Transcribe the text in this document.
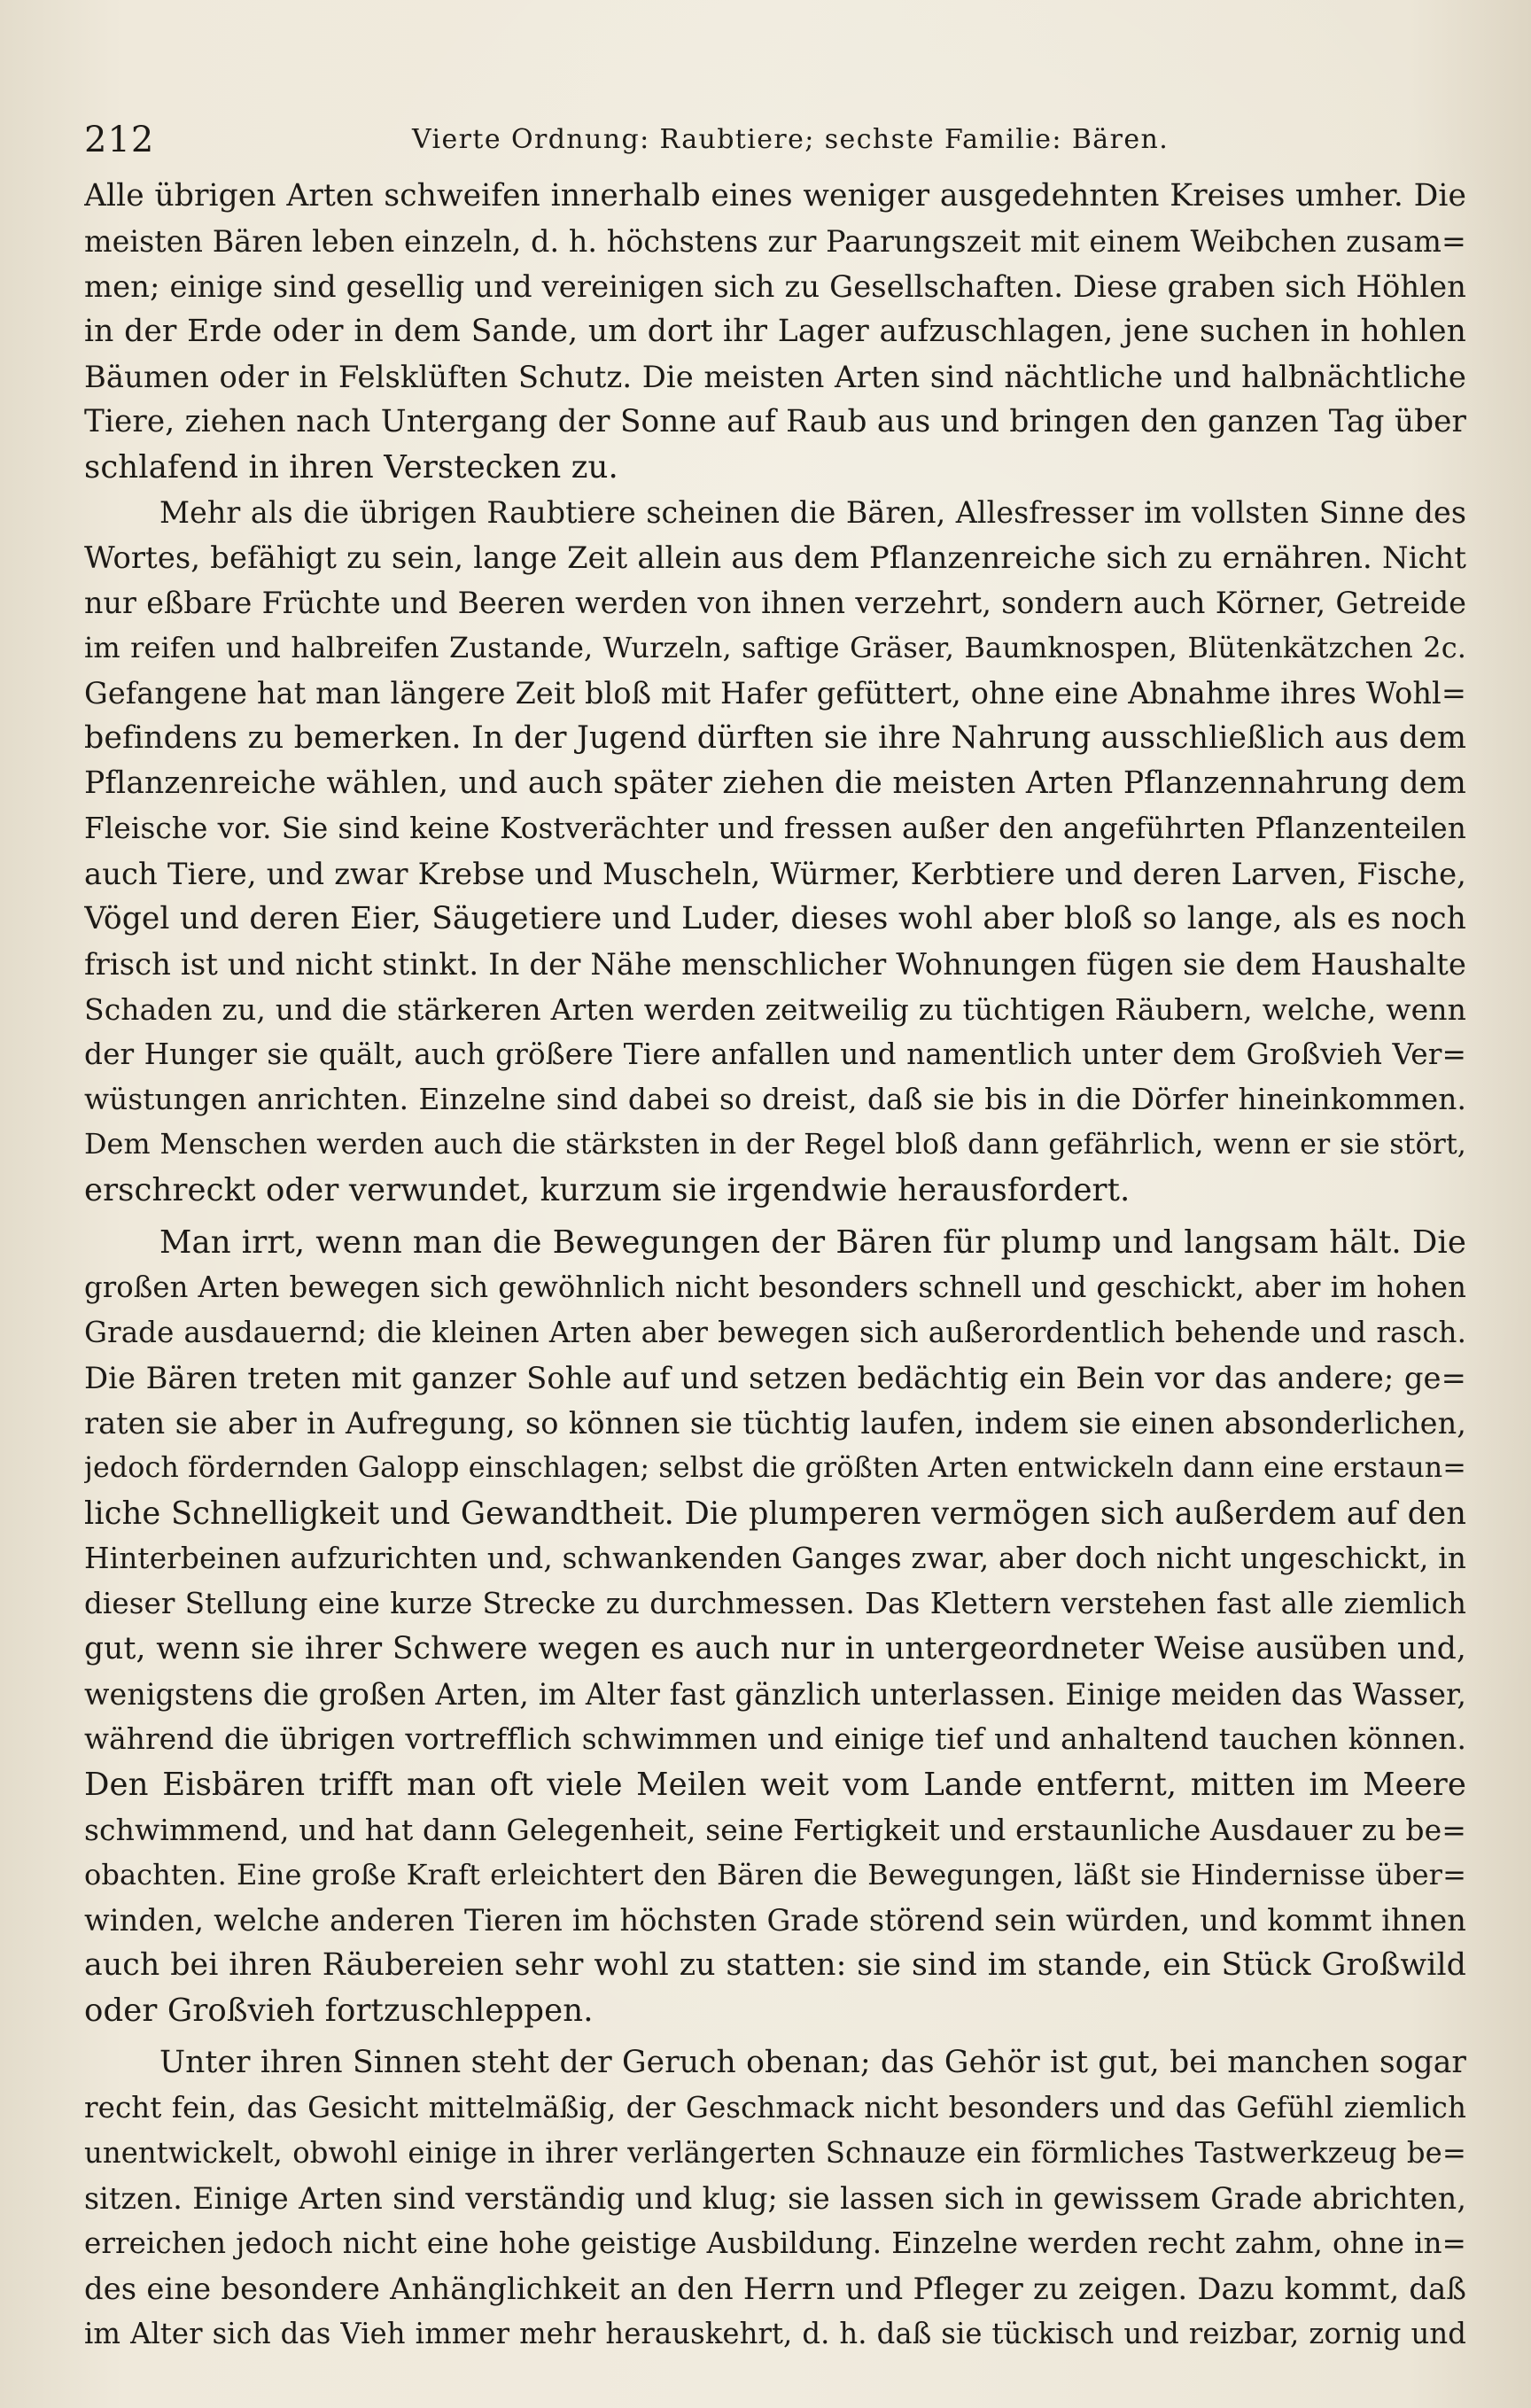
212	Vierte Ordnung: Raubtiere; sechste Familie: Bären.
Alle übrigen Arten schweifen innerhalb eines weniger ausgedehnten Kreises umher. Die
meisten Bären leben einzeln, d. h. höchstens zur Paarungszeit mit einem Weibchen zusam=
men; einige sind gesellig und vereinigen sich zu Gesellschaften. Diese graben sich Höhlen
in der Erde oder in dem Sande, um dort ihr Lager aufzuschlagen, jene suchen in hohlen
Bäumen oder in Felsklüften Schutz. Die meisten Arten sind nächtliche und halbnächtliche
Tiere, ziehen nach Untergang der Sonne auf Raub aus und bringen den ganzen Tag über
schlafend in ihren Verstecken zu.
Mehr als die übrigen Raubtiere scheinen die Bären, Allesfresser im vollsten Sinne des
Wortes, befähigt zu sein, lange Zeit allein aus dem Pflanzenreiche sich zu ernähren. Nicht
nur eßbare Früchte und Beeren werden von ihnen verzehrt, sondern auch Körner, Getreide
im reifen und halbreifen Zustande, Wurzeln, saftige Gräser, Baumknospen, Blütenkätzchen 2c.
Gefangene hat man längere Zeit bloß mit Hafer gefüttert, ohne eine Abnahme ihres Wohl=
befindens zu bemerken. In der Jugend dürften sie ihre Nahrung ausschließlich aus dem
Pflanzenreiche wählen, und auch später ziehen die meisten Arten Pflanzennahrung dem
Fleische vor. Sie sind keine Kostverächter und fressen außer den angeführten Pflanzenteilen
auch Tiere, und zwar Krebse und Muscheln, Würmer, Kerbtiere und deren Larven, Fische,
Vögel und deren Eier, Säugetiere und Luder, dieses wohl aber bloß so lange, als es noch
frisch ist und nicht stinkt. In der Nähe menschlicher Wohnungen fügen sie dem Haushalte
Schaden zu, und die stärkeren Arten werden zeitweilig zu tüchtigen Räubern, welche, wenn
der Hunger sie quält, auch größere Tiere anfallen und namentlich unter dem Großvieh Ver=
wüstungen anrichten. Einzelne sind dabei so dreist, daß sie bis in die Dörfer hineinkommen.
Dem Menschen werden auch die stärksten in der Regel bloß dann gefährlich, wenn er sie stört,
erschreckt oder verwundet, kurzum sie irgendwie herausfordert.
Man irrt, wenn man die Bewegungen der Bären für plump und langsam hält. Die
großen Arten bewegen sich gewöhnlich nicht besonders schnell und geschickt, aber im hohen
Grade ausdauernd; die kleinen Arten aber bewegen sich außerordentlich behende und rasch.
Die Bären treten mit ganzer Sohle auf und setzen bedächtig ein Bein vor das andere; ge=
raten sie aber in Aufregung, so können sie tüchtig laufen, indem sie einen absonderlichen,
jedoch fördernden Galopp einschlagen; selbst die größten Arten entwickeln dann eine erstaun=
liche Schnelligkeit und Gewandtheit. Die plumperen vermögen sich außerdem auf den
Hinterbeinen aufzurichten und, schwankenden Ganges zwar, aber doch nicht ungeschickt, in
dieser Stellung eine kurze Strecke zu durchmessen. Das Klettern verstehen fast alle ziemlich
gut, wenn sie ihrer Schwere wegen es auch nur in untergeordneter Weise ausüben und,
wenigstens die großen Arten, im Alter fast gänzlich unterlassen. Einige meiden das Wasser,
während die übrigen vortrefflich schwimmen und einige tief und anhaltend tauchen können.
Den Eisbären trifft man oft viele Meilen weit vom Lande entfernt, mitten im Meere
schwimmend, und hat dann Gelegenheit, seine Fertigkeit und erstaunliche Ausdauer zu be=
obachten. Eine große Kraft erleichtert den Bären die Bewegungen, läßt sie Hindernisse über=
winden, welche anderen Tieren im höchsten Grade störend sein würden, und kommt ihnen
auch bei ihren Räubereien sehr wohl zu statten: sie sind im stande, ein Stück Großwild
oder Großvieh fortzuschleppen.
Unter ihren Sinnen steht der Geruch obenan; das Gehör ist gut, bei manchen sogar
recht fein, das Gesicht mittelmäßig, der Geschmack nicht besonders und das Gefühl ziemlich
unentwickelt, obwohl einige in ihrer verlängerten Schnauze ein förmliches Tastwerkzeug be=
sitzen. Einige Arten sind verständig und klug; sie lassen sich in gewissem Grade abrichten,
erreichen jedoch nicht eine hohe geistige Ausbildung. Einzelne werden recht zahm, ohne in=
des eine besondere Anhänglichkeit an den Herrn und Pfleger zu zeigen. Dazu kommt, daß
im Alter sich das Vieh immer mehr herauskehrt, d. h. daß sie tückisch und reizbar, zornig und
